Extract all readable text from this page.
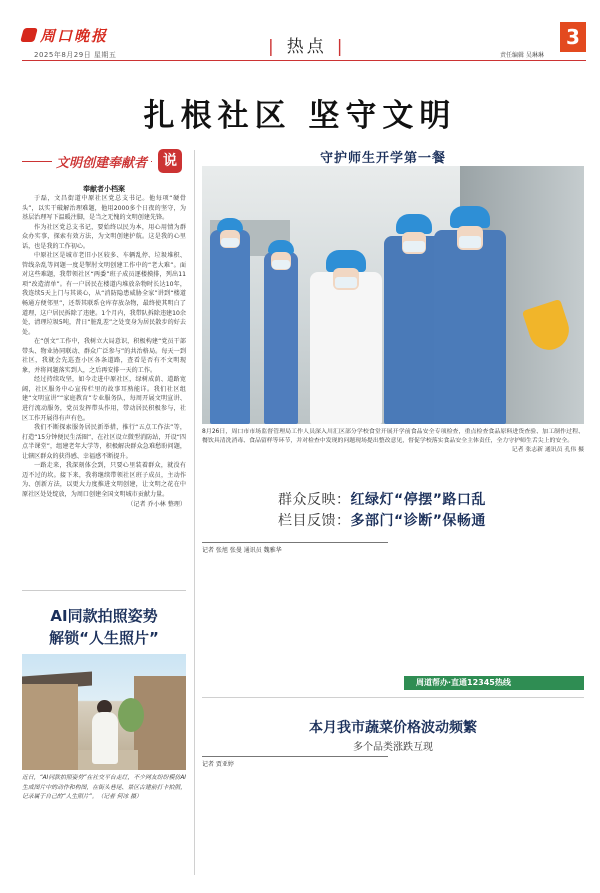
周口晚报
2025年8月29日 星期五	| 热点 |	责任编辑 吴琳琳
3
扎根社区 坚守文明
文明创建奉献者	说
奉献者小档案

于磊，文昌街道中原社区党总支书记。他每项“硬骨头”，以实干破解治理难题，他用2000多个日夜的坚守，为基层治理写下温暖注脚，是当之无愧的文明创建先锋。

作为社区党总支书记，要始终以民为本，用心用情为群众办实事，探索有效方法，为文明创建护航。这是我的心里话，也是我的工作初心。

中原社区是城市老旧小区较多、车辆乱停、垃圾堆积、管线杂乱等问题一度是掣肘文明创建工作中的“老大难”。面对这些难题，我带领社区“两委”班子成员逐楼摸排，列出11项“改造清单”。有一户居民在楼道内堆放杂物时长达10年，我连续5天上门与其谈心，从“消防隐患威胁全家”讲到“楼道畅通方便邻里”，还帮其联系仓库存放杂物，最终使其明白了道理，这户居民拆除了违建。1个月内，我带队拆除违建10余处，清理垃圾5吨，昔日“脏乱差”之处变身为居民散步的好去处。

在“创文”工作中，我树立大局意识，积极构建“党员干部带头、物业协同联动、群众广泛参与”的共治格局。每天一到社区，我就会先巡查小区各条道路，查看是否有不文明现象，并将问题落实到人，之后再安排一天的工作。

经过持续攻坚，如今走进中原社区，绿树成荫、道路宽阔，社区服务中心宣传栏里的故事耳熟能详。我们社区组建“文明宣讲”“家庭教育”专业服务队，每周开展文明宣讲、进行流动服务，党员发挥带头作用，带动居民积极参与，社区工作开展得有声有色。

我们不断探索服务居民新举措，推行“五点工作法”等，打造“15分钟便民生活圈”，在社区设立微型消防站，开设“四点半课堂”，组建老年大学等，积极解决群众急难愁盼问题，让辖区群众的获得感、幸福感不断提升。

一路走来，我深刻体会到，只要心里装着群众，就没有迈不过的坎。接下来，我将继续带领社区班子成员，主动作为、创新方法，以更大力度推进文明创建，让文明之花在中原社区处处绽放，为周口创建全国文明城市贡献力量。

（记者 乔小林 整理）

AI同款拍照姿势
解锁“人生照片”
近日，“AI同款拍照姿势”在社交平台走红，不少网友纷纷模仿AI生成图片中的动作和构图，在街头巷尾、景区古建前打卡拍照，记录属于自己的“人生照片”。（记者 何冰 摄）
守护师生开学第一餐
8月26日，周口市市场监督管理局工作人员深入川汇区部分学校食堂开展开学前食品安全专项检查，重点检查食品原料进货查验、加工制作过程、餐饮具清洗消毒、食品留样等环节，并对检查中发现的问题现场提出整改意见，督促学校落实食品安全主体责任，全力守护师生舌尖上的安全。
记者 张志新 通讯员 孔伟 摄
群众反映：红绿灯“停摆”路口乱
栏目反馈：多部门“诊断”保畅通
记者 张旭 张曼 通讯员 魏雅华
周道帮办·直通12345热线
本月我市蔬菜价格波动频繁
多个品类涨跌互现
记者 贾亚婷
